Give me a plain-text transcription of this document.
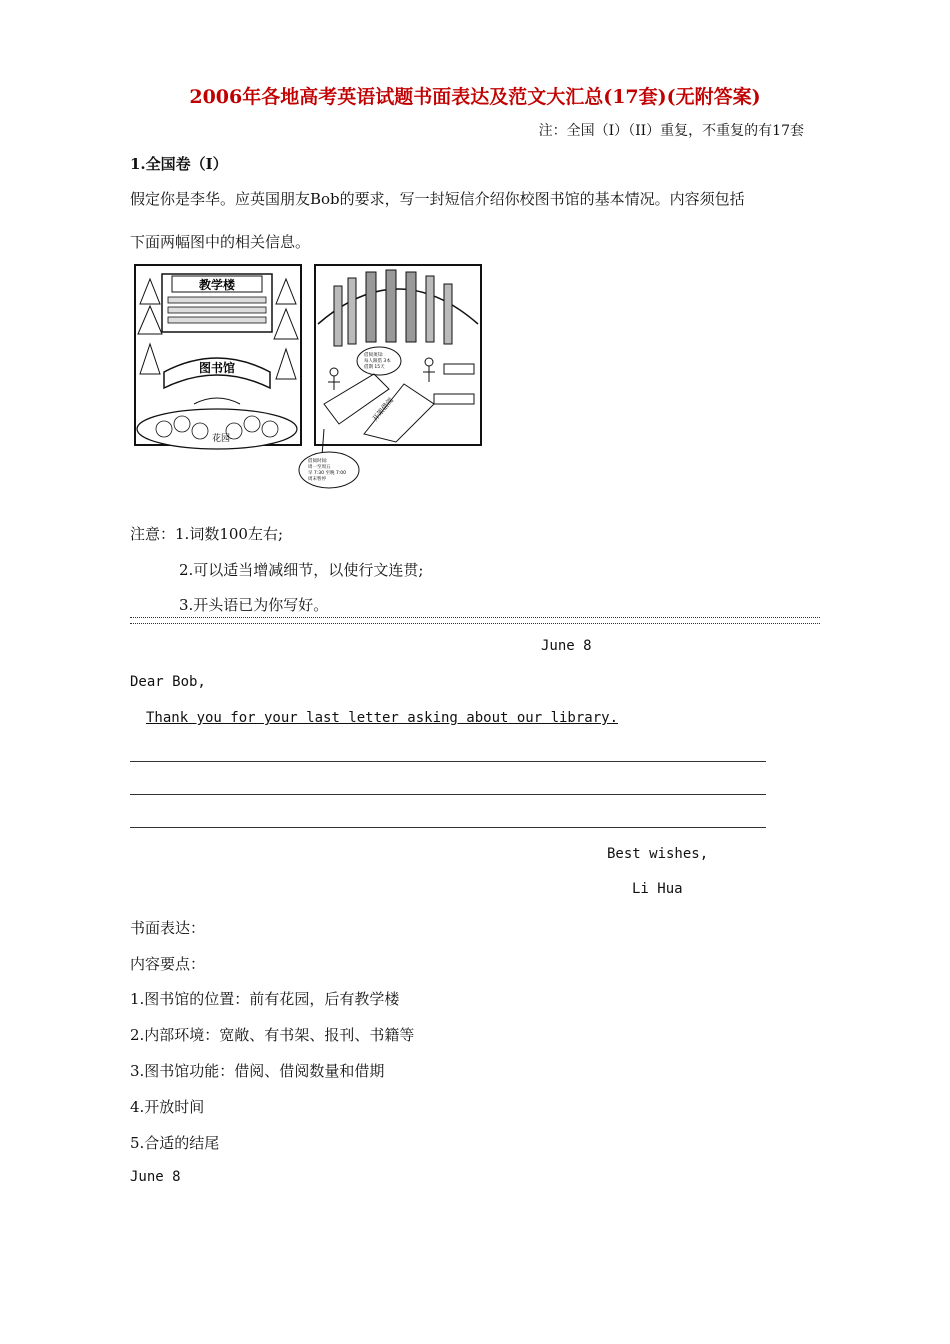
2006年各地高考英语试题书面表达及范文大汇总(17套)(无附答案)
注：全国（I）（II）重复，不重复的有17套
1.全国卷（I）
假定你是李华。应英国朋友Bob的要求，写一封短信介绍你校图书馆的基本情况。内容须包括
下面两幅图中的相关信息。
教学楼
图书馆
花园
借阅须知:
每人限借 3本
借期 15天
开架借阅
借阅时间:
周一至周五
早 7:30 至晚 7:00
周末暂停
注意：1.词数100左右;
2.可以适当增减细节，以使行文连贯;
3.开头语已为你写好。
June 8
Dear Bob,
Thank you for your last letter asking about our library.
Best wishes,
Li Hua
书面表达：
内容要点：
1.图书馆的位置：前有花园，后有教学楼
2.内部环境：宽敞、有书架、报刊、书籍等
3.图书馆功能：借阅、借阅数量和借期
4.开放时间
5.合适的结尾
June 8
